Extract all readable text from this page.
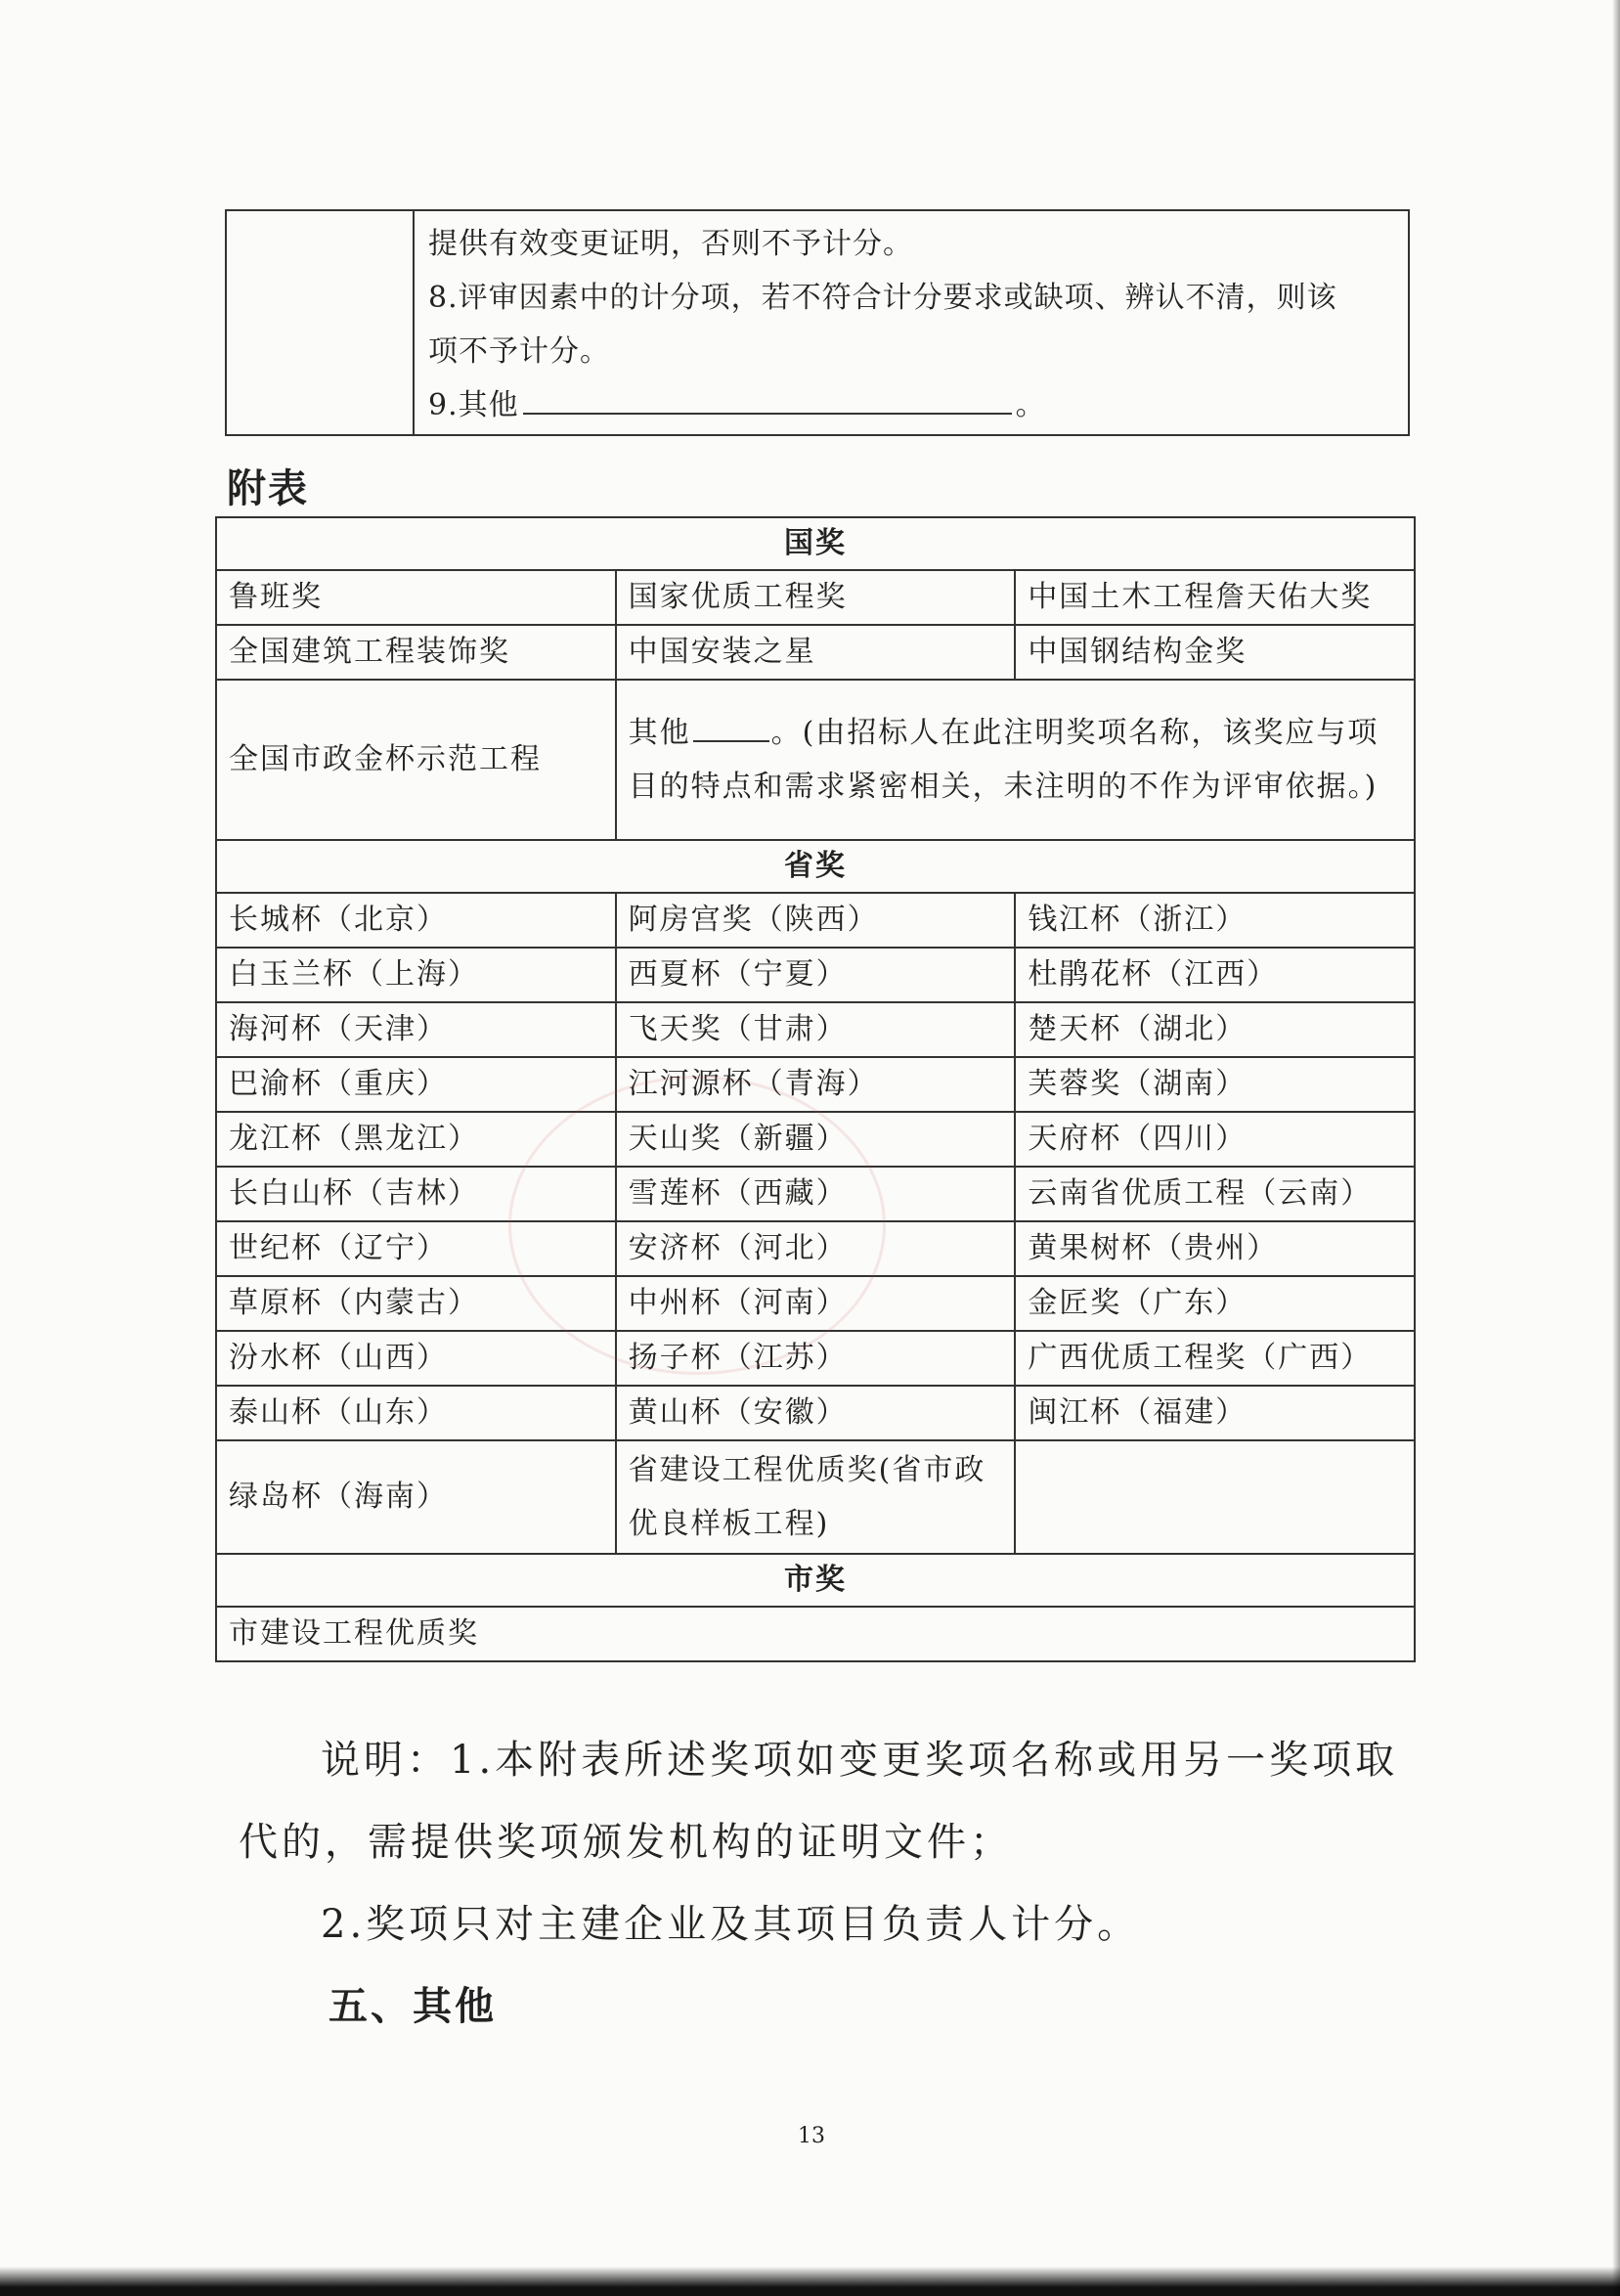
提供有效变更证明，否则不予计分。
8.评审因素中的计分项，若不符合计分要求或缺项、辨认不清，则该
项不予计分。
9.其他	。
附表
国奖		
鲁班奖	国家优质工程奖	中国土木工程詹天佑大奖
全国建筑工程装饰奖	中国安装之星	中国钢结构金奖
全国市政金杯示范工程	其他 。(由招标人在此注明奖项名称，该奖应与项目的特点和需求紧密相关，未注明的不作为评审依据。)	
省奖		
长城杯（北京）	阿房宫奖（陕西）	钱江杯（浙江）
白玉兰杯（上海）	西夏杯（宁夏）	杜鹃花杯（江西）
海河杯（天津）	飞天奖（甘肃）	楚天杯（湖北）
巴渝杯（重庆）	江河源杯（青海）	芙蓉奖（湖南）
龙江杯（黑龙江）	天山奖（新疆）	天府杯（四川）
长白山杯（吉林）	雪莲杯（西藏）	云南省优质工程（云南）
世纪杯（辽宁）	安济杯（河北）	黄果树杯（贵州）
草原杯（内蒙古）	中州杯（河南）	金匠奖（广东）
汾水杯（山西）	扬子杯（江苏）	广西优质工程奖（广西）
泰山杯（山东）	黄山杯（安徽）	闽江杯（福建）
绿岛杯（海南）	省建设工程优质奖(省市政优良样板工程)	
市奖		
市建设工程优质奖		
说明：1.本附表所述奖项如变更奖项名称或用另一奖项取
代的，需提供奖项颁发机构的证明文件；
2.奖项只对主建企业及其项目负责人计分。
五、其他
13
